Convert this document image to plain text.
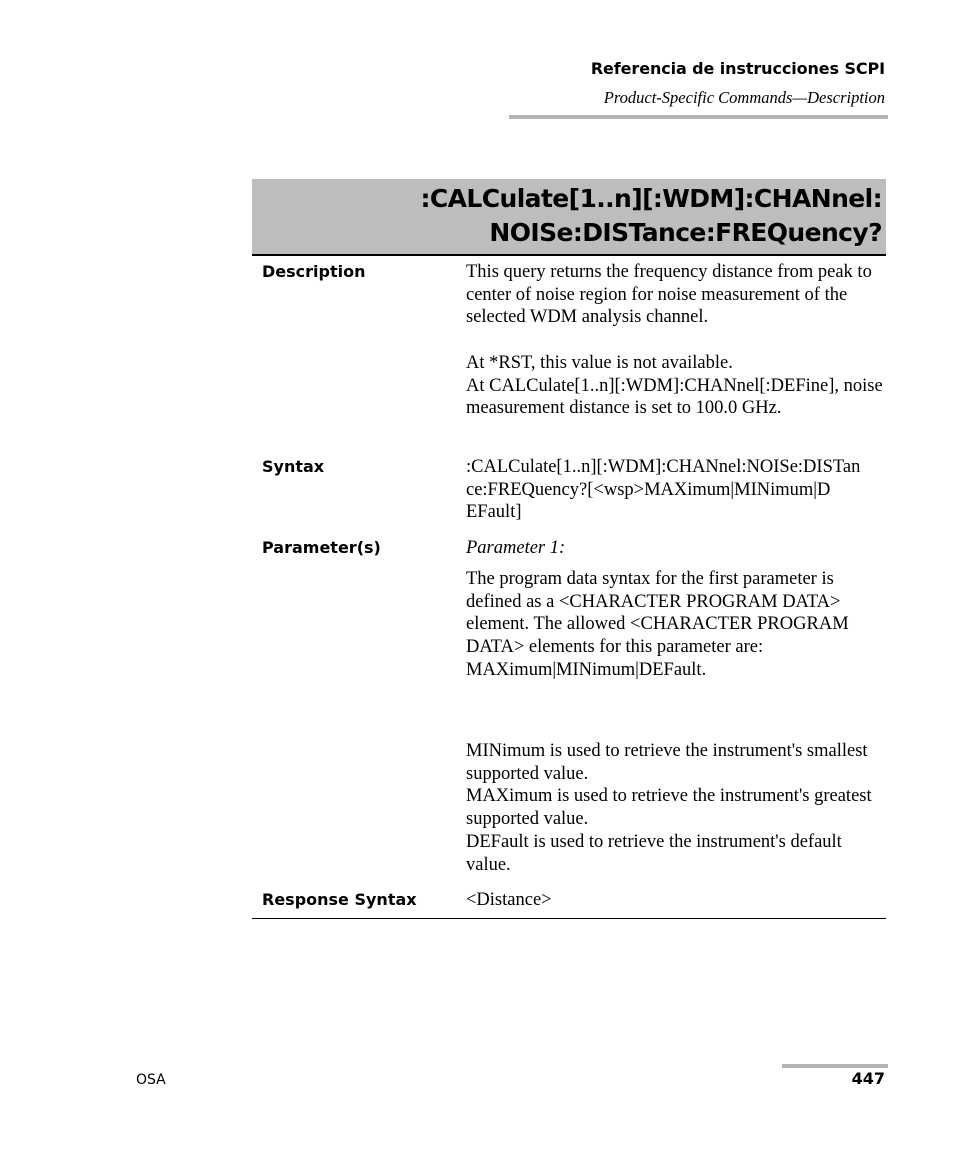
Referencia de instrucciones SCPI
Product-Specific Commands—Description
:CALCulate[1..n][:WDM]:CHANnel:
NOISe:DISTance:FREQuency?
Description	This query returns the frequency distance from peak to center of noise region for noise measurement of the selected WDM analysis channel.

At *RST, this value is not available.

At CALCulate[1..n][:WDM]:CHANnel[:DEFine], noise measurement distance is set to 100.0 GHz.

Syntax	:CALCulate[1..n][:WDM]:CHANnel:NOISe:DISTan

ce:FREQuency?[<wsp>MAXimum|MINimum|D

EFault]

Parameter(s)	Parameter 1:

The program data syntax for the first parameter is defined as a <CHARACTER PROGRAM DATA> element. The allowed <CHARACTER PROGRAM DATA> elements for this parameter are: MAXimum|MINimum|DEFault.

MINimum is used to retrieve the instrument's smallest supported value.

MAXimum is used to retrieve the instrument's greatest supported value.

DEFault is used to retrieve the instrument's default value.

Response Syntax	<Distance>
OSA	447
